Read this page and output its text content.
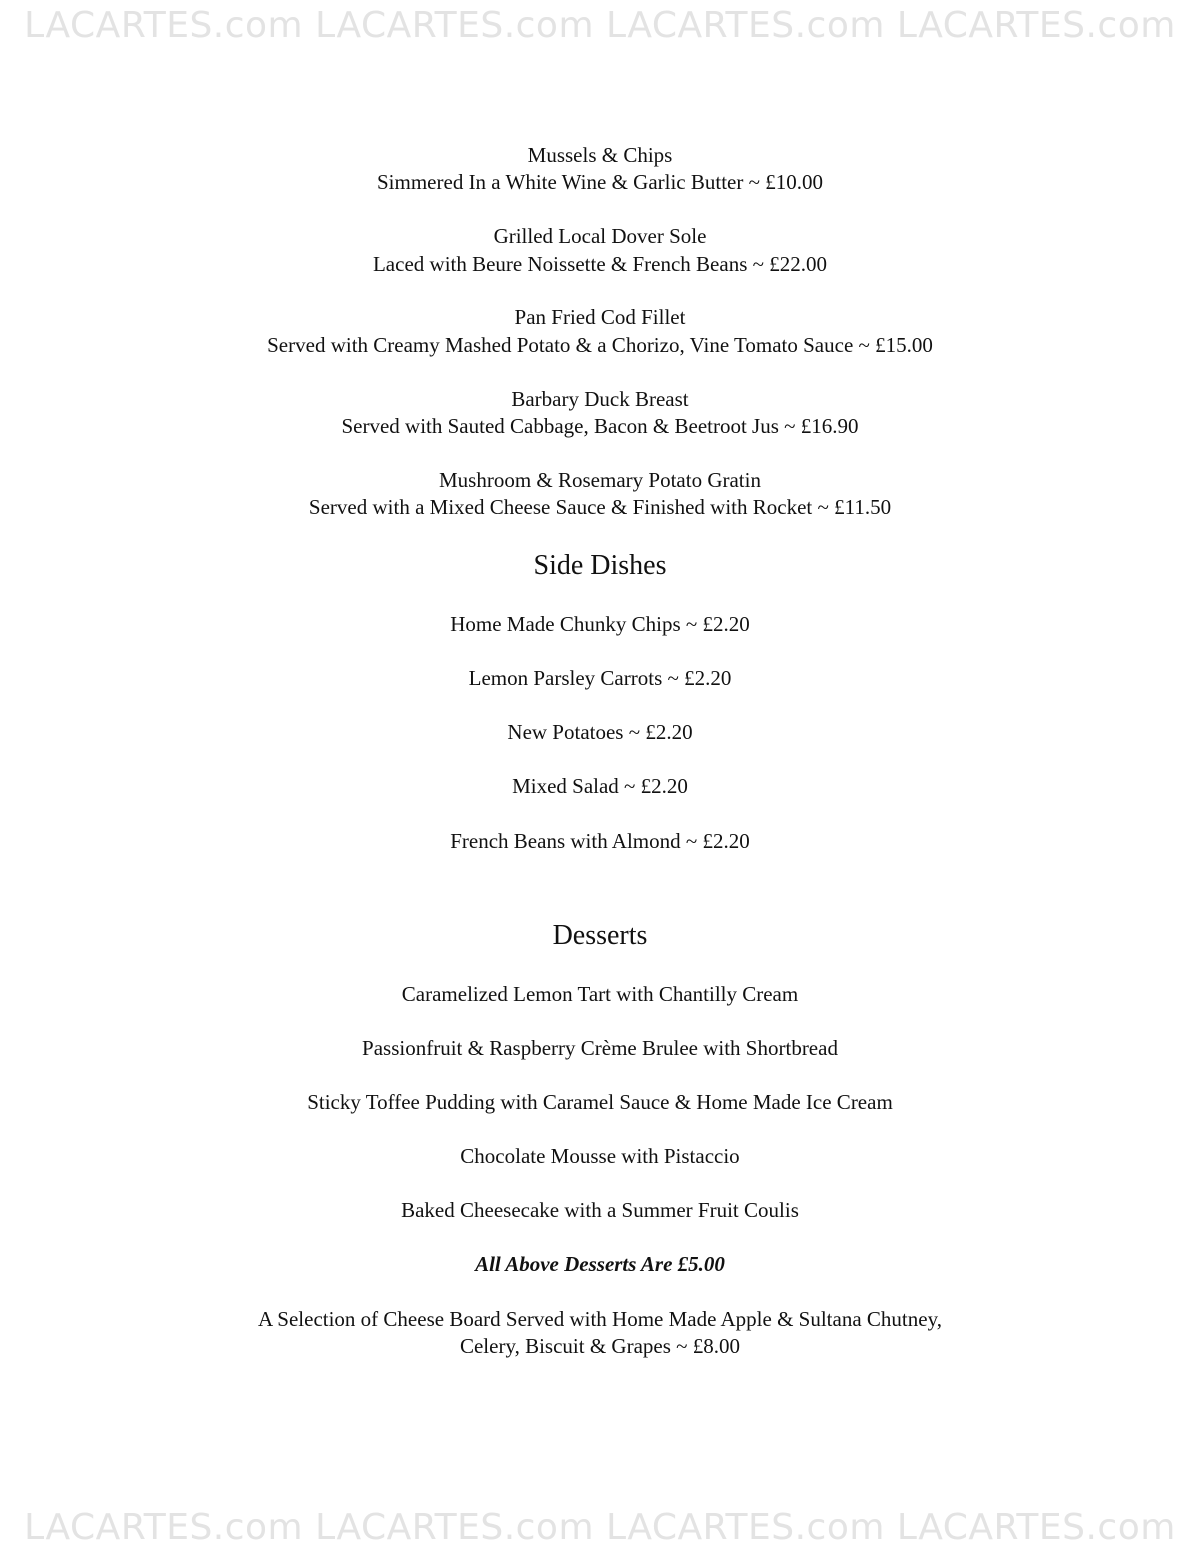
LACARTES.com LACARTES.com LACARTES.com LACARTES.com
Mussels & Chips
Simmered In a White Wine & Garlic Butter ~ £10.00
Grilled Local Dover Sole
Laced with Beure Noissette & French Beans ~ £22.00
Pan Fried Cod Fillet
Served with Creamy Mashed Potato & a Chorizo, Vine Tomato Sauce ~ £15.00
Barbary Duck Breast
Served with Sauted Cabbage, Bacon & Beetroot Jus ~ £16.90
Mushroom & Rosemary Potato Gratin
Served with a Mixed Cheese Sauce & Finished with Rocket ~ £11.50
Side Dishes
Home Made Chunky Chips ~ £2.20
Lemon Parsley Carrots ~ £2.20
New Potatoes ~ £2.20
Mixed Salad ~ £2.20
French Beans with Almond ~ £2.20
Desserts
Caramelized Lemon Tart with Chantilly Cream
Passionfruit & Raspberry Crème Brulee with Shortbread
Sticky Toffee Pudding with Caramel Sauce & Home Made Ice Cream
Chocolate Mousse with Pistaccio
Baked Cheesecake with a Summer Fruit Coulis
All Above Desserts Are £5.00
A Selection of Cheese Board Served with Home Made Apple & Sultana Chutney,
Celery, Biscuit & Grapes ~ £8.00
LACARTES.com LACARTES.com LACARTES.com LACARTES.com
